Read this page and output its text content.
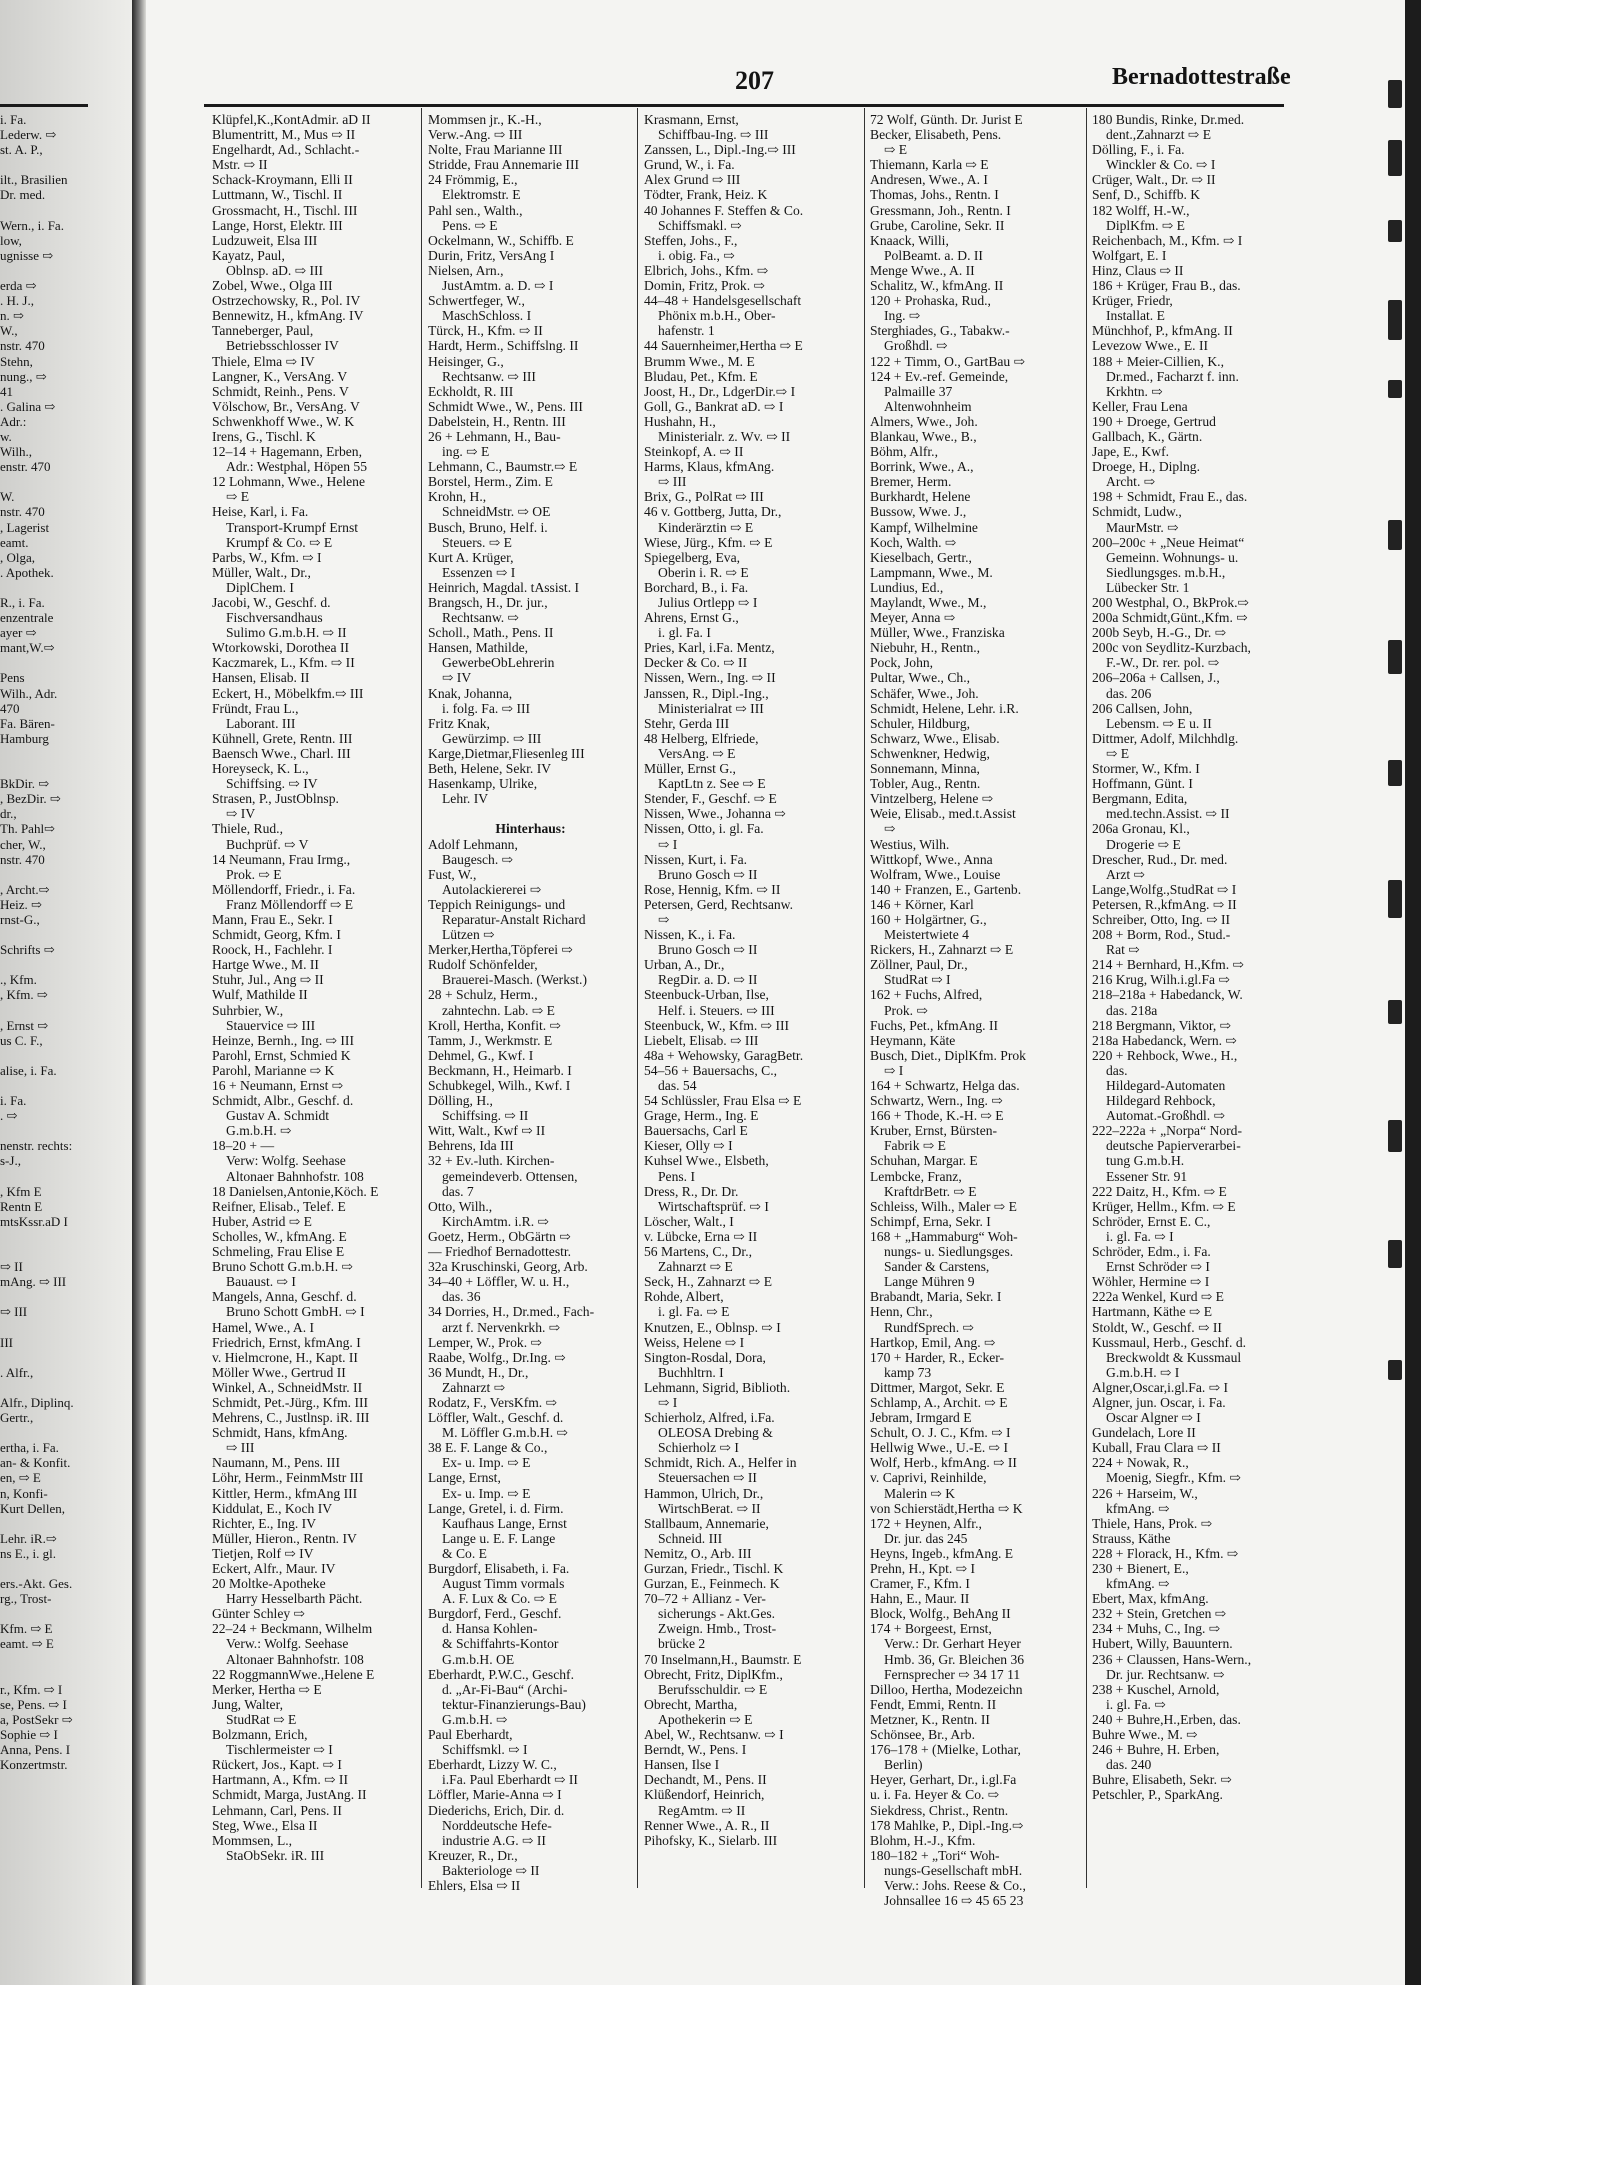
i. Fa.
Lederw. ⇨
st. A. P.,

ilt., Brasilien
Dr. med.

Wern., i. Fa.
low,
ugnisse ⇨

erda ⇨
. H. J.,
n. ⇨
W.,
nstr. 470
Stehn,
nung., ⇨
41
. Galina ⇨
Adr.:
w.
Wilh.,
enstr. 470

W.
nstr. 470
, Lagerist
eamt.
, Olga,
. Apothek.

R., i. Fa.
enzentrale
ayer ⇨
mant,W.⇨

Pens
Wilh., Adr.
470
Fa. Bären-
Hamburg

BkDir. ⇨
, BezDir. ⇨
dr.,
Th. Pahl⇨
cher, W.,
nstr. 470

, Archt.⇨
Heiz. ⇨
rnst-G.,

Schrifts ⇨

., Kfm.
, Kfm. ⇨

, Ernst ⇨
us C. F.,

alise, i. Fa.

i. Fa.
. ⇨

nenstr. rechts:
s-J.,

, Kfm E
Rentn E
mtsKssr.aD I

⇨ II
mAng. ⇨ III

⇨ III

III

. Alfr.,

Alfr., Diplinq.
Gertr.,

ertha, i. Fa.
an- & Konfit.
en, ⇨ E
n, Konfi-
Kurt Dellen,

Lehr. iR.⇨
ns E., i. gl.

ers.-Akt. Ges.
rg., Trost-

Kfm. ⇨ E
eamt. ⇨ E

r., Kfm. ⇨ I
se, Pens. ⇨ I
a, PostSekr ⇨
Sophie ⇨ I
Anna, Pens. I
Konzertmstr.
207	Bernadottestraße
Klüpfel,K.,KontAdmir. aD II
Blumentritt, M., Mus ⇨ II
Engelhardt, Ad., Schlacht.-
Mstr. ⇨ II
Schack-Kroymann, Elli II
Luttmann, W., Tischl. II
Grossmacht, H., Tischl. III
Lange, Horst, Elektr. III
Ludzuweit, Elsa III
Kayatz, Paul,
Oblnsp. aD. ⇨ III
Zobel, Wwe., Olga III
Ostrzechowsky, R., Pol. IV
Bennewitz, H., kfmAng. IV
Tanneberger, Paul,
Betriebsschlosser IV
Thiele, Elma ⇨ IV
Langner, K., VersAng. V
Schmidt, Reinh., Pens. V
Völschow, Br., VersAng. V
Schwenkhoff Wwe., W. K
Irens, G., Tischl. K
12–14 + Hagemann, Erben,
Adr.: Westphal, Höpen 55
12 Lohmann, Wwe., Helene
⇨ E
Heise, Karl, i. Fa.
Transport-Krumpf Ernst
Krumpf & Co. ⇨ E
Parbs, W., Kfm. ⇨ I
Müller, Walt., Dr.,
DiplChem. I
Jacobi, W., Geschf. d.
Fischversandhaus
Sulimo G.m.b.H. ⇨ II
Wtorkowski, Dorothea II
Kaczmarek, L., Kfm. ⇨ II
Hansen, Elisab. II
Eckert, H., Möbelkfm.⇨ III
Fründt, Frau L.,
Laborant. III
Kühnell, Grete, Rentn. III
Baensch Wwe., Charl. III
Horeyseck, K. L.,
Schiffsing. ⇨ IV
Strasen, P., JustOblnsp.
⇨ IV
Thiele, Rud.,
Buchprüf. ⇨ V
14 Neumann, Frau Irmg.,
Prok. ⇨ E
Möllendorff, Friedr., i. Fa.
Franz Möllendorff ⇨ E
Mann, Frau E., Sekr. I
Schmidt, Georg, Kfm. I
Roock, H., Fachlehr. I
Hartge Wwe., M. II
Stuhr, Jul., Ang ⇨ II
Wulf, Mathilde II
Suhrbier, W.,
Stauervice ⇨ III
Heinze, Bernh., Ing. ⇨ III
Parohl, Ernst, Schmied K
Parohl, Marianne ⇨ K
16 + Neumann, Ernst ⇨
Schmidt, Albr., Geschf. d.
Gustav A. Schmidt
G.m.b.H. ⇨
18–20 + —
Verw: Wolfg. Seehase
Altonaer Bahnhofstr. 108
18 Danielsen,Antonie,Köch. E
Reifner, Elisab., Telef. E
Huber, Astrid ⇨ E
Scholles, W., kfmAng. E
Schmeling, Frau Elise E
Bruno Schott G.m.b.H. ⇨
Bauaust. ⇨ I
Mangels, Anna, Geschf. d.
Bruno Schott GmbH. ⇨ I
Hamel, Wwe., A. I
Friedrich, Ernst, kfmAng. I
v. Hielmcrone, H., Kapt. II
Möller Wwe., Gertrud II
Winkel, A., SchneidMstr. II
Schmidt, Pet.-Jürg., Kfm. III
Mehrens, C., Justlnsp. iR. III
Schmidt, Hans, kfmAng.
⇨ III
Naumann, M., Pens. III
Löhr, Herm., FeinmMstr III
Kittler, Herm., kfmAng III
Kiddulat, E., Koch IV
Richter, E., Ing. IV
Müller, Hieron., Rentn. IV
Tietjen, Rolf ⇨ IV
Eckert, Alfr., Maur. IV
20 Moltke-Apotheke
Harry Hesselbarth Pächt.
Günter Schley ⇨
22–24 + Beckmann, Wilhelm
Verw.: Wolfg. Seehase
Altonaer Bahnhofstr. 108
22 RoggmannWwe.,Helene E
Merker, Hertha ⇨ E
Jung, Walter,
StudRat ⇨ E
Bolzmann, Erich,
Tischlermeister ⇨ I
Rückert, Jos., Kapt. ⇨ I
Hartmann, A., Kfm. ⇨ II
Schmidt, Marga, JustAng. II
Lehmann, Carl, Pens. II
Steg, Wwe., Elsa II
Mommsen, L.,
StaObSekr. iR. III
Mommsen jr., K.-H.,
Verw.-Ang. ⇨ III
Nolte, Frau Marianne III
Stridde, Frau Annemarie III
24 Frömmig, E.,
Elektromstr. E
Pahl sen., Walth.,
Pens. ⇨ E
Ockelmann, W., Schiffb. E
Durin, Fritz, VersAng I
Nielsen, Arn.,
JustAmtm. a. D. ⇨ I
Schwertfeger, W.,
MaschSchloss. I
Türck, H., Kfm. ⇨ II
Hardt, Herm., Schiffslng. II
Heisinger, G.,
Rechtsanw. ⇨ III
Eckholdt, R. III
Schmidt Wwe., W., Pens. III
Dabelstein, H., Rentn. III
26 + Lehmann, H., Bau-
ing. ⇨ E
Lehmann, C., Baumstr.⇨ E
Borstel, Herm., Zim. E
Krohn, H.,
SchneidMstr. ⇨ OE
Busch, Bruno, Helf. i.
Steuers. ⇨ E
Kurt A. Krüger,
Essenzen ⇨ I
Heinrich, Magdal. tAssist. I
Brangsch, H., Dr. jur.,
Rechtsanw. ⇨
Scholl., Math., Pens. II
Hansen, Mathilde,
GewerbeObLehrerin
⇨ IV
Knak, Johanna,
i. folg. Fa. ⇨ III
Fritz Knak,
Gewürzimp. ⇨ III
Karge,Dietmar,Fliesenleg III
Beth, Helene, Sekr. IV
Hasenkamp, Ulrike,
Lehr. IV

Hinterhaus:
Adolf Lehmann,
Baugesch. ⇨
Fust, W.,
Autolackiererei ⇨
Teppich Reinigungs- und
Reparatur-Anstalt Richard
Lützen ⇨
Merker,Hertha,Töpferei ⇨
Rudolf Schönfelder,
Brauerei-Masch. (Werkst.)
28 + Schulz, Herm.,
zahntechn. Lab. ⇨ E
Kroll, Hertha, Konfit. ⇨
Tamm, J., Werkmstr. E
Dehmel, G., Kwf. I
Beckmann, H., Heimarb. I
Schubkegel, Wilh., Kwf. I
Dölling, H.,
Schiffsing. ⇨ II
Witt, Walt., Kwf ⇨ II
Behrens, Ida III
32 + Ev.-luth. Kirchen-
gemeindeverb. Ottensen,
das. 7
Otto, Wilh.,
KirchAmtm. i.R. ⇨
Goetz, Herm., ObGärtn ⇨
— Friedhof Bernadottestr.
32a Kruschinski, Georg, Arb.
34–40 + Löffler, W. u. H.,
das. 36
34 Dorries, H., Dr.med., Fach-
arzt f. Nervenkrkh. ⇨
Lemper, W., Prok. ⇨
Raabe, Wolfg., Dr.Ing. ⇨
36 Mundt, H., Dr.,
Zahnarzt ⇨
Rodatz, F., VersKfm. ⇨
Löffler, Walt., Geschf. d.
M. Löffler G.m.b.H. ⇨
38 E. F. Lange & Co.,
Ex- u. Imp. ⇨ E
Lange, Ernst,
Ex- u. Imp. ⇨ E
Lange, Gretel, i. d. Firm.
Kaufhaus Lange, Ernst
Lange u. E. F. Lange
& Co. E
Burgdorf, Elisabeth, i. Fa.
August Timm vormals
A. F. Lux & Co. ⇨ E
Burgdorf, Ferd., Geschf.
d. Hansa Kohlen-
& Schiffahrts-Kontor
G.m.b.H. OE
Eberhardt, P.W.C., Geschf.
d. „Ar-Fi-Bau“ (Archi-
tektur-Finanzierungs-Bau)
G.m.b.H. ⇨
Paul Eberhardt,
Schiffsmkl. ⇨ I
Eberhardt, Lizzy W. C.,
i.Fa. Paul Eberhardt ⇨ II
Löffler, Marie-Anna ⇨ I
Diederichs, Erich, Dir. d.
Norddeutsche Hefe-
industrie A.G. ⇨ II
Kreuzer, R., Dr.,
Bakteriologe ⇨ II
Ehlers, Elsa ⇨ II
Krasmann, Ernst,
Schiffbau-Ing. ⇨ III
Zanssen, L., Dipl.-Ing.⇨ III
Grund, W., i. Fa.
Alex Grund ⇨ III
Tödter, Frank, Heiz. K
40 Johannes F. Steffen & Co.
Schiffsmakl. ⇨
Steffen, Johs., F.,
i. obig. Fa., ⇨
Elbrich, Johs., Kfm. ⇨
Domin, Fritz, Prok. ⇨
44–48 + Handelsgesellschaft
Phönix m.b.H., Ober-
hafenstr. 1
44 Sauernheimer,Hertha ⇨ E
Brumm Wwe., M. E
Bludau, Pet., Kfm. E
Joost, H., Dr., LdgerDir.⇨ I
Goll, G., Bankrat aD. ⇨ I
Hushahn, H.,
Ministerialr. z. Wv. ⇨ II
Steinkopf, A. ⇨ II
Harms, Klaus, kfmAng.
⇨ III
Brix, G., PolRat ⇨ III
46 v. Gottberg, Jutta, Dr.,
Kinderärztin ⇨ E
Wiese, Jürg., Kfm. ⇨ E
Spiegelberg, Eva,
Oberin i. R. ⇨ E
Borchard, B., i. Fa.
Julius Ortlepp ⇨ I
Ahrens, Ernst G.,
i. gl. Fa. I
Pries, Karl, i.Fa. Mentz,
Decker & Co. ⇨ II
Nissen, Wern., Ing. ⇨ II
Janssen, R., Dipl.-Ing.,
Ministerialrat ⇨ III
Stehr, Gerda III
48 Helberg, Elfriede,
VersAng. ⇨ E
Müller, Ernst G.,
KaptLtn z. See ⇨ E
Stender, F., Geschf. ⇨ E
Nissen, Wwe., Johanna ⇨
Nissen, Otto, i. gl. Fa.
⇨ I
Nissen, Kurt, i. Fa.
Bruno Gosch ⇨ II
Rose, Hennig, Kfm. ⇨ II
Petersen, Gerd, Rechtsanw.
⇨
Nissen, K., i. Fa.
Bruno Gosch ⇨ II
Urban, A., Dr.,
RegDir. a. D. ⇨ II
Steenbuck-Urban, Ilse,
Helf. i. Steuers. ⇨ III
Steenbuck, W., Kfm. ⇨ III
Liebelt, Elisab. ⇨ III
48a + Wehowsky, GaragBetr.
54–56 + Bauersachs, C.,
das. 54
54 Schlüssler, Frau Elsa ⇨ E
Grage, Herm., Ing. E
Bauersachs, Carl E
Kieser, Olly ⇨ I
Kuhsel Wwe., Elsbeth,
Pens. I
Dress, R., Dr. Dr.
Wirtschaftsprüf. ⇨ I
Löscher, Walt., I
v. Lübcke, Erna ⇨ II
56 Martens, C., Dr.,
Zahnarzt ⇨ E
Seck, H., Zahnarzt ⇨ E
Rohde, Albert,
i. gl. Fa. ⇨ E
Knutzen, E., Oblnsp. ⇨ I
Weiss, Helene ⇨ I
Sington-Rosdal, Dora,
Buchhltrn. I
Lehmann, Sigrid, Biblioth.
⇨ I
Schierholz, Alfred, i.Fa.
OLEOSA Drebing &
Schierholz ⇨ I
Schmidt, Rich. A., Helfer in
Steuersachen ⇨ II
Hammon, Ulrich, Dr.,
WirtschBerat. ⇨ II
Stallbaum, Annemarie,
Schneid. III
Nemitz, O., Arb. III
Gurzan, Friedr., Tischl. K
Gurzan, E., Feinmech. K
70–72 + Allianz - Ver-
sicherungs - Akt.Ges.
Zweign. Hmb., Trost-
brücke 2
70 Inselmann,H., Baumstr. E
Obrecht, Fritz, DiplKfm.,
Berufsschuldir. ⇨ E
Obrecht, Martha,
Apothekerin ⇨ E
Abel, W., Rechtsanw. ⇨ I
Berndt, W., Pens. I
Hansen, Ilse I
Dechandt, M., Pens. II
Klüßendorf, Heinrich,
RegAmtm. ⇨ II
Renner Wwe., A. R., II
Pihofsky, K., Sielarb. III
72 Wolf, Günth. Dr. Jurist E
Becker, Elisabeth, Pens.
⇨ E
Thiemann, Karla ⇨ E
Andresen, Wwe., A. I
Thomas, Johs., Rentn. I
Gressmann, Joh., Rentn. I
Grube, Caroline, Sekr. II
Knaack, Willi,
PolBeamt. a. D. II
Menge Wwe., A. II
Schalitz, W., kfmAng. II
120 + Prohaska, Rud.,
Ing. ⇨
Sterghiades, G., Tabakw.-
Großhdl. ⇨
122 + Timm, O., GartBau ⇨
124 + Ev.-ref. Gemeinde,
Palmaille 37
Altenwohnheim
Almers, Wwe., Joh.
Blankau, Wwe., B.,
Böhm, Alfr.,
Borrink, Wwe., A.,
Bremer, Herm.
Burkhardt, Helene
Bussow, Wwe. J.,
Kampf, Wilhelmine
Koch, Walth. ⇨
Kieselbach, Gertr.,
Lampmann, Wwe., M.
Lundius, Ed.,
Maylandt, Wwe., M.,
Meyer, Anna ⇨
Müller, Wwe., Franziska
Niebuhr, H., Rentn.,
Pock, John,
Pultar, Wwe., Ch.,
Schäfer, Wwe., Joh.
Schmidt, Helene, Lehr. i.R.
Schuler, Hildburg,
Schwarz, Wwe., Elisab.
Schwenkner, Hedwig,
Sonnemann, Minna,
Tobler, Aug., Rentn.
Vintzelberg, Helene ⇨
Weie, Elisab., med.t.Assist
⇨
Westius, Wilh.
Wittkopf, Wwe., Anna
Wolfram, Wwe., Louise
140 + Franzen, E., Gartenb.
146 + Körner, Karl
160 + Holgärtner, G.,
Meistertwiete 4
Rickers, H., Zahnarzt ⇨ E
Zöllner, Paul, Dr.,
StudRat ⇨ I
162 + Fuchs, Alfred,
Prok. ⇨
Fuchs, Pet., kfmAng. II
Heymann, Käte
Busch, Diet., DiplKfm. Prok
⇨ I
164 + Schwartz, Helga das.
Schwartz, Wern., Ing. ⇨
166 + Thode, K.-H. ⇨ E
Kruber, Ernst, Bürsten-
Fabrik ⇨ E
Schuhan, Margar. E
Lembcke, Franz,
KraftdrBetr. ⇨ E
Schleiss, Wilh., Maler ⇨ E
Schimpf, Erna, Sekr. I
168 + „Hammaburg“ Woh-
nungs- u. Siedlungsges.
Sander & Carstens,
Lange Mühren 9
Brabandt, Maria, Sekr. I
Henn, Chr.,
RundfSprech. ⇨
Hartkop, Emil, Ang. ⇨
170 + Harder, R., Ecker-
kamp 73
Dittmer, Margot, Sekr. E
Schlamp, A., Archit. ⇨ E
Jebram, Irmgard E
Schult, O. J. C., Kfm. ⇨ I
Hellwig Wwe., U.-E. ⇨ I
Wolf, Herb., kfmAng. ⇨ II
v. Caprivi, Reinhilde,
Malerin ⇨ K
von Schierstädt,Hertha ⇨ K
172 + Heynen, Alfr.,
Dr. jur. das 245
Heyns, Ingeb., kfmAng. E
Prehn, H., Kpt. ⇨ I
Cramer, F., Kfm. I
Hahn, E., Maur. II
Block, Wolfg., BehAng II
174 + Borgeest, Ernst,
Verw.: Dr. Gerhart Heyer
Hmb. 36, Gr. Bleichen 36
Fernsprecher ⇨ 34 17 11
Dilloo, Hertha, Modezeichn
Fendt, Emmi, Rentn. II
Metzner, K., Rentn. II
Schönsee, Br., Arb.
176–178 + (Mielke, Lothar,
Berlin)
Heyer, Gerhart, Dr., i.gl.Fa
u. i. Fa. Heyer & Co. ⇨
Siekdress, Christ., Rentn.
178 Mahlke, P., Dipl.-Ing.⇨
Blohm, H.-J., Kfm.
180–182 + „Tori“ Woh-
nungs-Gesellschaft mbH.
Verw.: Johs. Reese & Co.,
Johnsallee 16 ⇨ 45 65 23
180 Bundis, Rinke, Dr.med.
dent.,Zahnarzt ⇨ E
Dölling, F., i. Fa.
Winckler & Co. ⇨ I
Crüger, Walt., Dr. ⇨ II
Senf, D., Schiffb. K
182 Wolff, H.-W.,
DiplKfm. ⇨ E
Reichenbach, M., Kfm. ⇨ I
Wolfgart, E. I
Hinz, Claus ⇨ II
186 + Krüger, Frau B., das.
Krüger, Friedr,
Installat. E
Münchhof, P., kfmAng. II
Levezow Wwe., E. II
188 + Meier-Cillien, K.,
Dr.med., Facharzt f. inn.
Krkhtn. ⇨
Keller, Frau Lena
190 + Droege, Gertrud
Gallbach, K., Gärtn.
Jape, E., Kwf.
Droege, H., Diplng.
Archt. ⇨
198 + Schmidt, Frau E., das.
Schmidt, Ludw.,
MaurMstr. ⇨
200–200c + „Neue Heimat“
Gemeinn. Wohnungs- u.
Siedlungsges. m.b.H.,
Lübecker Str. 1
200 Westphal, O., BkProk.⇨
200a Schmidt,Günt.,Kfm. ⇨
200b Seyb, H.-G., Dr. ⇨
200c von Seydlitz-Kurzbach,
F.-W., Dr. rer. pol. ⇨
206–206a + Callsen, J.,
das. 206
206 Callsen, John,
Lebensm. ⇨ E u. II
Dittmer, Adolf, Milchhdlg.
⇨ E
Stormer, W., Kfm. I
Hoffmann, Günt. I
Bergmann, Edita,
med.techn.Assist. ⇨ II
206a Gronau, Kl.,
Drogerie ⇨ E
Drescher, Rud., Dr. med.
Arzt ⇨
Lange,Wolfg.,StudRat ⇨ I
Petersen, R.,kfmAng. ⇨ II
Schreiber, Otto, Ing. ⇨ II
208 + Borm, Rod., Stud.-
Rat ⇨
214 + Bernhard, H.,Kfm. ⇨
216 Krug, Wilh.i.gl.Fa ⇨
218–218a + Habedanck, W.
das. 218a
218 Bergmann, Viktor, ⇨
218a Habedanck, Wern. ⇨
220 + Rehbock, Wwe., H.,
das.
Hildegard-Automaten
Hildegard Rehbock,
Automat.-Großhdl. ⇨
222–222a + „Norpa“ Nord-
deutsche Papierverarbei-
tung G.m.b.H.
Essener Str. 91
222 Daitz, H., Kfm. ⇨ E
Krüger, Hellm., Kfm. ⇨ E
Schröder, Ernst E. C.,
i. gl. Fa. ⇨ I
Schröder, Edm., i. Fa.
Ernst Schröder ⇨ I
Wöhler, Hermine ⇨ I
222a Wenkel, Kurd ⇨ E
Hartmann, Käthe ⇨ E
Stoldt, W., Geschf. ⇨ II
Kussmaul, Herb., Geschf. d.
Breckwoldt & Kussmaul
G.m.b.H. ⇨ I
Algner,Oscar,i.gl.Fa. ⇨ I
Algner, jun. Oscar, i. Fa.
Oscar Algner ⇨ I
Gundelach, Lore II
Kuball, Frau Clara ⇨ II
224 + Nowak, R.,
Moenig, Siegfr., Kfm. ⇨
226 + Harseim, W.,
kfmAng. ⇨
Thiele, Hans, Prok. ⇨
Strauss, Käthe
228 + Florack, H., Kfm. ⇨
230 + Bienert, E.,
kfmAng. ⇨
Ebert, Max, kfmAng.
232 + Stein, Gretchen ⇨
234 + Muhs, C., Ing. ⇨
Hubert, Willy, Bauuntern.
236 + Claussen, Hans-Wern.,
Dr. jur. Rechtsanw. ⇨
238 + Kuschel, Arnold,
i. gl. Fa. ⇨
240 + Buhre,H.,Erben, das.
Buhre Wwe., M. ⇨
246 + Buhre, H. Erben,
das. 240
Buhre, Elisabeth, Sekr. ⇨
Petschler, P., SparkAng.
